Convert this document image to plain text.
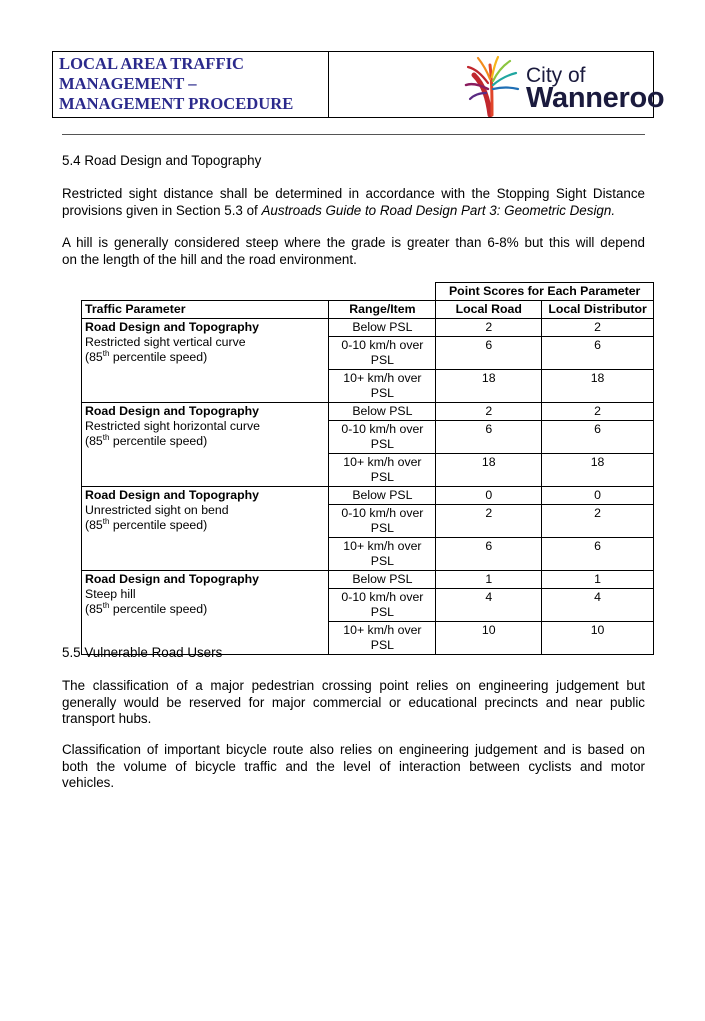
LOCAL AREA TRAFFIC
MANAGEMENT –
MANAGEMENT PROCEDURE
City of
Wanneroo
5.4 Road Design and Topography
Restricted sight distance shall be determined in accordance with the Stopping Sight Distance
provisions given in Section 5.3 of Austroads Guide to Road Design Part 3: Geometric Design.
A hill is generally considered steep where the grade is greater than 6-8% but this will depend
on the length of the hill and the road environment.
		Point Scores for Each Parameter	
Traffic Parameter	Range/Item	Local Road	Local Distributor

Road Design and Topography
Restricted sight vertical curve
(85th percentile speed)	Below PSL	2	2

	0-10 km/h over
PSL	6	6

	10+ km/h over
PSL	18	18

Road Design and Topography
Restricted sight horizontal curve
(85th percentile speed)	Below PSL	2	2

	0-10 km/h over
PSL	6	6

	10+ km/h over
PSL	18	18

Road Design and Topography
Unrestricted sight on bend
(85th percentile speed)	Below PSL	0	0

	0-10 km/h over
PSL	2	2

	10+ km/h over
PSL	6	6

Road Design and Topography
Steep hill
(85th percentile speed)	Below PSL	1	1

	0-10 km/h over
PSL	4	4

	10+ km/h over
PSL	10	10
5.5 Vulnerable Road Users
The classification of a major pedestrian crossing point relies on engineering judgement but
generally would be reserved for major commercial or educational precincts and near public
transport hubs.
Classification of important bicycle route also relies on engineering judgement and is based on
both the volume of bicycle traffic and the level of interaction between cyclists and motor
vehicles.
